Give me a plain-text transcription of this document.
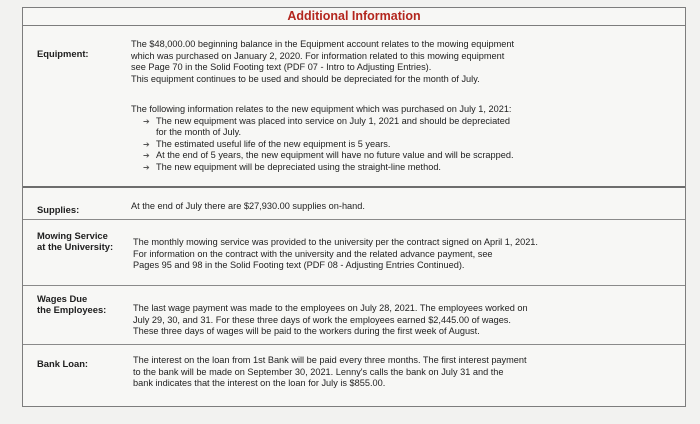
Additional Information
Equipment:

The $48,000.00 beginning balance in the Equipment account relates to the mowing equipment

which was purchased on January 2, 2020. For information related to this mowing equipment

see Page 70 in the Solid Footing text (PDF 07 - Intro to Adjusting Entries).

This equipment continues to be used and should be depreciated for the month of July.

The following information relates to the new equipment which was purchased on July 1, 2021:

➔ The new equipment was placed into service on July 1, 2021 and should be depreciated
for the month of July.
➔ The estimated useful life of the new equipment is 5 years.
➔ At the end of 5 years, the new equipment will have no future value and will be scrapped.
➔ The new equipment will be depreciated using the straight-line method.
Supplies:	At the end of July there are $27,930.00 supplies on-hand.
Mowing Service
at the University: The monthly mowing service was provided to the university per the contract signed on April 1, 2021.

For information on the contract with the university and the related advance payment, see

Pages 95 and 98 in the Solid Footing text (PDF 08 - Adjusting Entries Continued).

Wages Due
the Employees:	The last wage payment was made to the employees on July 28, 2021. The employees worked on

July 29, 30, and 31. For these three days of work the employees earned $2,445.00 of wages.

These three days of wages will be paid to the workers during the first week of August.

Bank Loan:	The interest on the loan from 1st Bank will be paid every three months. The first interest payment

to the bank will be made on September 30, 2021. Lenny's calls the bank on July 31 and the

bank indicates that the interest on the loan for July is $855.00.
